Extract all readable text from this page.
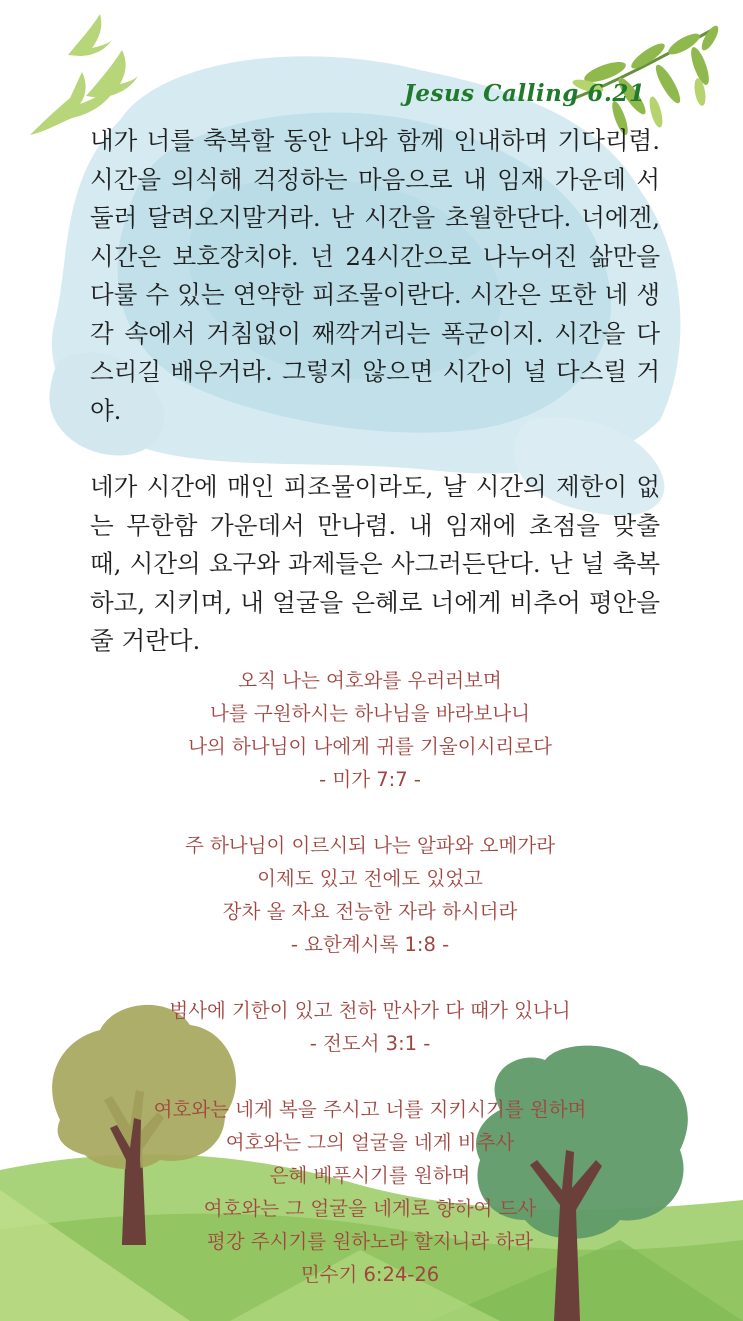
Jesus Calling 6.21

내가 너를 축복할 동안 나와 함께 인내하며 기다리렴. 시간을 의식해 걱정하는 마음으로 내 임재 가운데 서둘러 달려오지말거라. 난 시간을 초월한단다. 너에겐, 시간은 보호장치야. 넌 24시간으로 나누어진 삶만을 다룰 수 있는 연약한 피조물이란다. 시간은 또한 네 생각 속에서 거침없이 째깍거리는 폭군이지. 시간을 다스리길 배우거라. 그렇지 않으면 시간이 널 다스릴 거야.

네가 시간에 매인 피조물이라도, 날 시간의 제한이 없는 무한함 가운데서 만나렴. 내 임재에 초점을 맞출 때, 시간의 요구와 과제들은 사그러든단다. 난 널 축복하고, 지키며, 내 얼굴을 은혜로 너에게 비추어 평안을 줄 거란다.

오직 나는 여호와를 우러러보며
나를 구원하시는 하나님을 바라보나니
나의 하나님이 나에게 귀를 기울이시리로다
- 미가 7:7 -
주 하나님이 이르시되 나는 알파와 오메가라
이제도 있고 전에도 있었고
장차 올 자요 전능한 자라 하시더라
- 요한계시록 1:8 -
범사에 기한이 있고 천하 만사가 다 때가 있나니
- 전도서 3:1 -
여호와는 네게 복을 주시고 너를 지키시기를 원하며
여호와는 그의 얼굴을 네게 비추사
은혜 베푸시기를 원하며
여호와는 그 얼굴을 네게로 향하여 드사
평강 주시기를 원하노라 할지니라 하라
민수기 6:24-26
